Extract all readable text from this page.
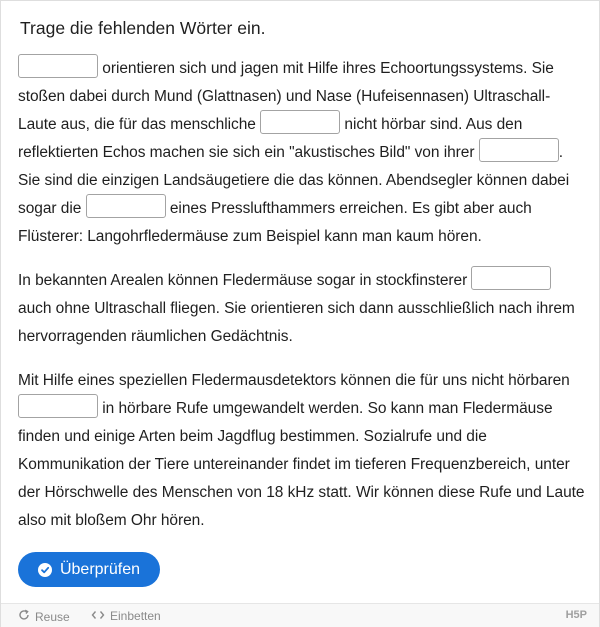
Trage die fehlenden Wörter ein.

orientieren sich und jagen mit Hilfe ihres Echoortungssystems. Sie stoßen dabei durch Mund (Glattnasen) und Nase (Hufeisennasen) Ultraschall-Laute aus, die für das menschliche	nicht hörbar sind. Aus den reflektierten Echos machen sie sich ein "akustisches Bild" von ihrer	. Sie sind die einzigen Landsäugetiere die das können. Abendsegler können dabei sogar die	eines Presslufthammers erreichen. Es gibt aber auch Flüsterer: Langohrfledermäuse zum Beispiel kann man kaum hören.

In bekannten Arealen können Fledermäuse sogar in stockfinsterer  auch ohne Ultraschall fliegen. Sie orientieren sich dann ausschließlich nach ihrem hervorragenden räumlichen Gedächtnis.

Mit Hilfe eines speziellen Fledermausdetektors können die für uns nicht hörbaren  in hörbare Rufe umgewandelt werden. So kann man Fledermäuse finden und einige Arten beim Jagdflug bestimmen. Sozialrufe und die Kommunikation der Tiere untereinander findet im tieferen Frequenzbereich, unter der Hörschwelle des Menschen von 18 kHz statt. Wir können diese Rufe und Laute also mit bloßem Ohr hören.

Überprüfen
Reuse	Einbetten	H5P
